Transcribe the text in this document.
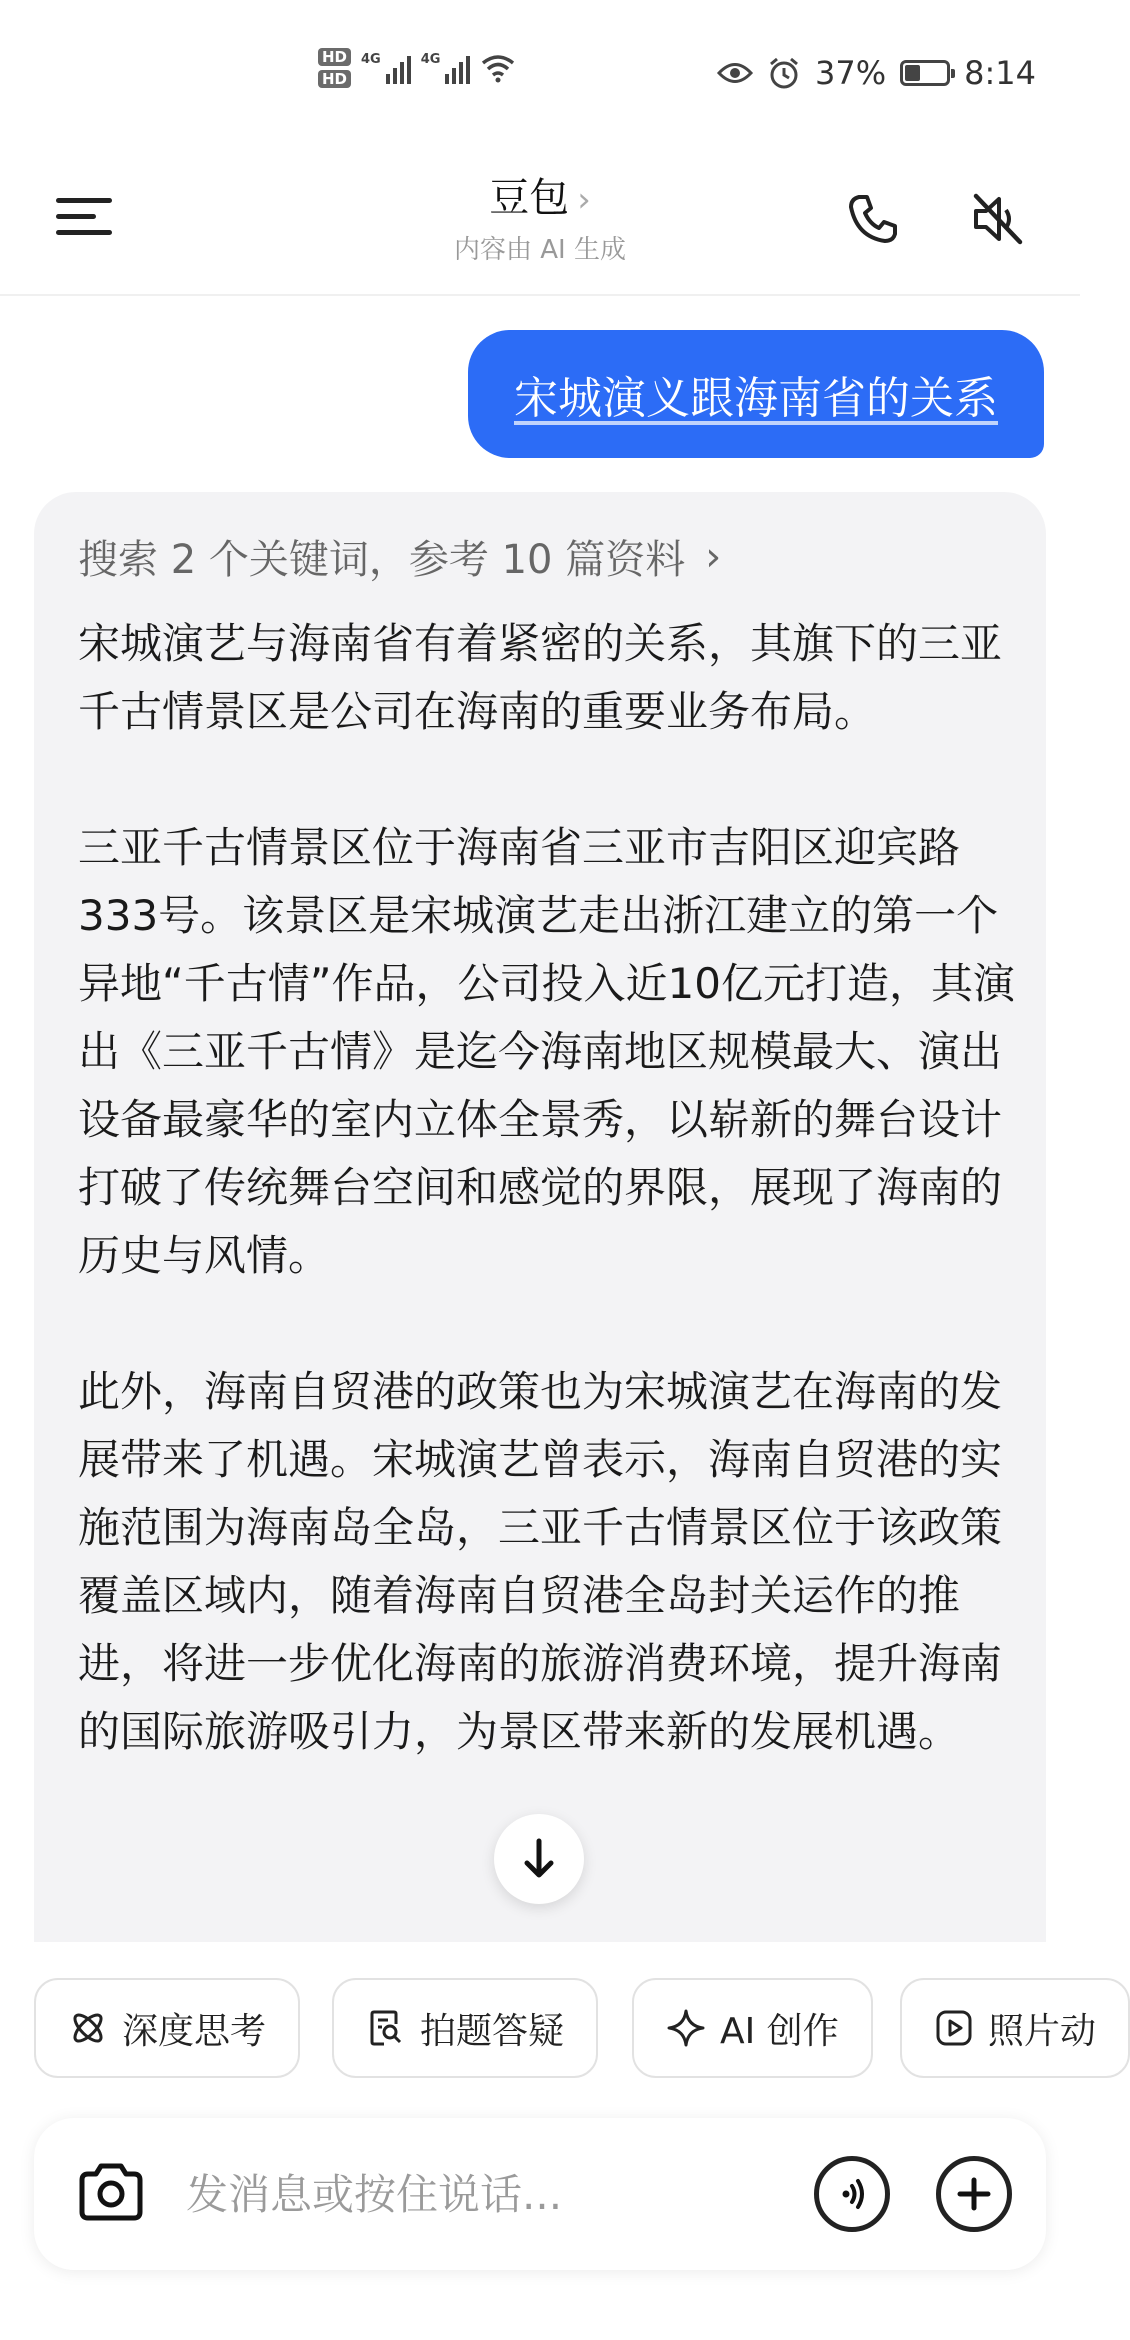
HD
HD
4G	4G	37% 8:14
豆包 ›
内容由 AI 生成
宋城演义跟海南省的关系
搜索 2 个关键词，参考 10 篇资料 ›

宋城演艺与海南省有着紧密的关系，其旗下的三亚千古情景区是公司在海南的重要业务布局。

三亚千古情景区位于海南省三亚市吉阳区迎宾路333号。该景区是宋城演艺走出浙江建立的第一个异地“千古情”作品，公司投入近10亿元打造，其演出《三亚千古情》是迄今海南地区规模最大、演出设备最豪华的室内立体全景秀，以崭新的舞台设计打破了传统舞台空间和感觉的界限，展现了海南的历史与风情。

此外，海南自贸港的政策也为宋城演艺在海南的发展带来了机遇。宋城演艺曾表示，海南自贸港的实施范围为海南岛全岛，三亚千古情景区位于该政策覆盖区域内，随着海南自贸港全岛封关运作的推进，将进一步优化海南的旅游消费环境，提升海南的国际旅游吸引力，为景区带来新的发展机遇。

深度思考	拍题答疑	AI 创作	照片动
发消息或按住说话...
